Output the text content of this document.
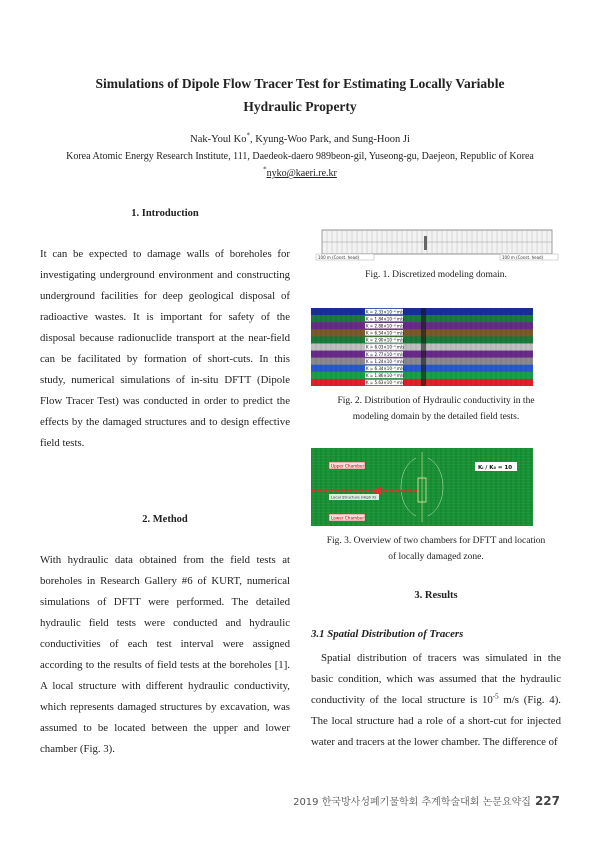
Simulations of Dipole Flow Tracer Test for Estimating Locally Variable
Hydraulic Property
Nak-Youl Ko*, Kyung-Woo Park, and Sung-Hoon Ji
Korea Atomic Energy Research Institute, 111, Daedeok-daero 989beon-gil, Yuseong-gu, Daejeon, Republic of Korea
*nyko@kaeri.re.kr
1. Introduction
It can be expected to damage walls of boreholes for investigating underground environment and constructing underground facilities for deep geological disposal of radioactive wastes. It is important for safety of the disposal because radionuclide transport at the near-field can be facilitated by formation of short-cuts. In this study, numerical simulations of in-situ DFTT (Dipole Flow Tracer Test) was conducted in order to predict the effects by the damaged structures and to design effective field tests.
2. Method
With hydraulic data obtained from the field tests at boreholes in Research Gallery #6 of KURT, numerical simulations of DFTT were performed. The detailed hydraulic field tests were conducted and hydraulic conductivities of each test interval were assigned according to the results of field tests at the boreholes [1]. A local structure with different hydraulic conductivity, which represents damaged structures by excavation, was assumed to be located between the upper and lower chamber (Fig. 3).
100 m (Const. head)	100 m (Const. head)
Fig. 1. Discretized modeling domain.
K = 2.33×10⁻⁸ m/s
K = 1.84×10⁻⁸ m/s
K = 2.88×10⁻⁸ m/s
K = 6.54×10⁻⁹ m/s
K = 2.90×10⁻⁸ m/s
K = 6.03×10⁻⁹ m/s
K = 2.77×10⁻⁸ m/s
K = 1.24×10⁻⁸ m/s
K = 6.34×10⁻⁹ m/s
K = 1.86×10⁻⁸ m/s
K = 5.63×10⁻⁹ m/s
Fig. 2. Distribution of Hydraulic conductivity in the
modeling domain by the detailed field tests.
Upper Chamber
Lower Chamber
Local Structure (High K)
Kₗ / K₀ = 10
Fig. 3. Overview of two chambers for DFTT and location
of locally damaged zone.
3. Results
3.1 Spatial Distribution of Tracers
Spatial distribution of tracers was simulated in the basic condition, which was assumed that the hydraulic conductivity of the local structure is $10^{-5}$ m/s (Fig. 4). The local structure had a role of a short-cut for injected water and tracers at the lower chamber. The difference of
2019 한국방사성폐기물학회 추계학술대회 논문요약집 227
